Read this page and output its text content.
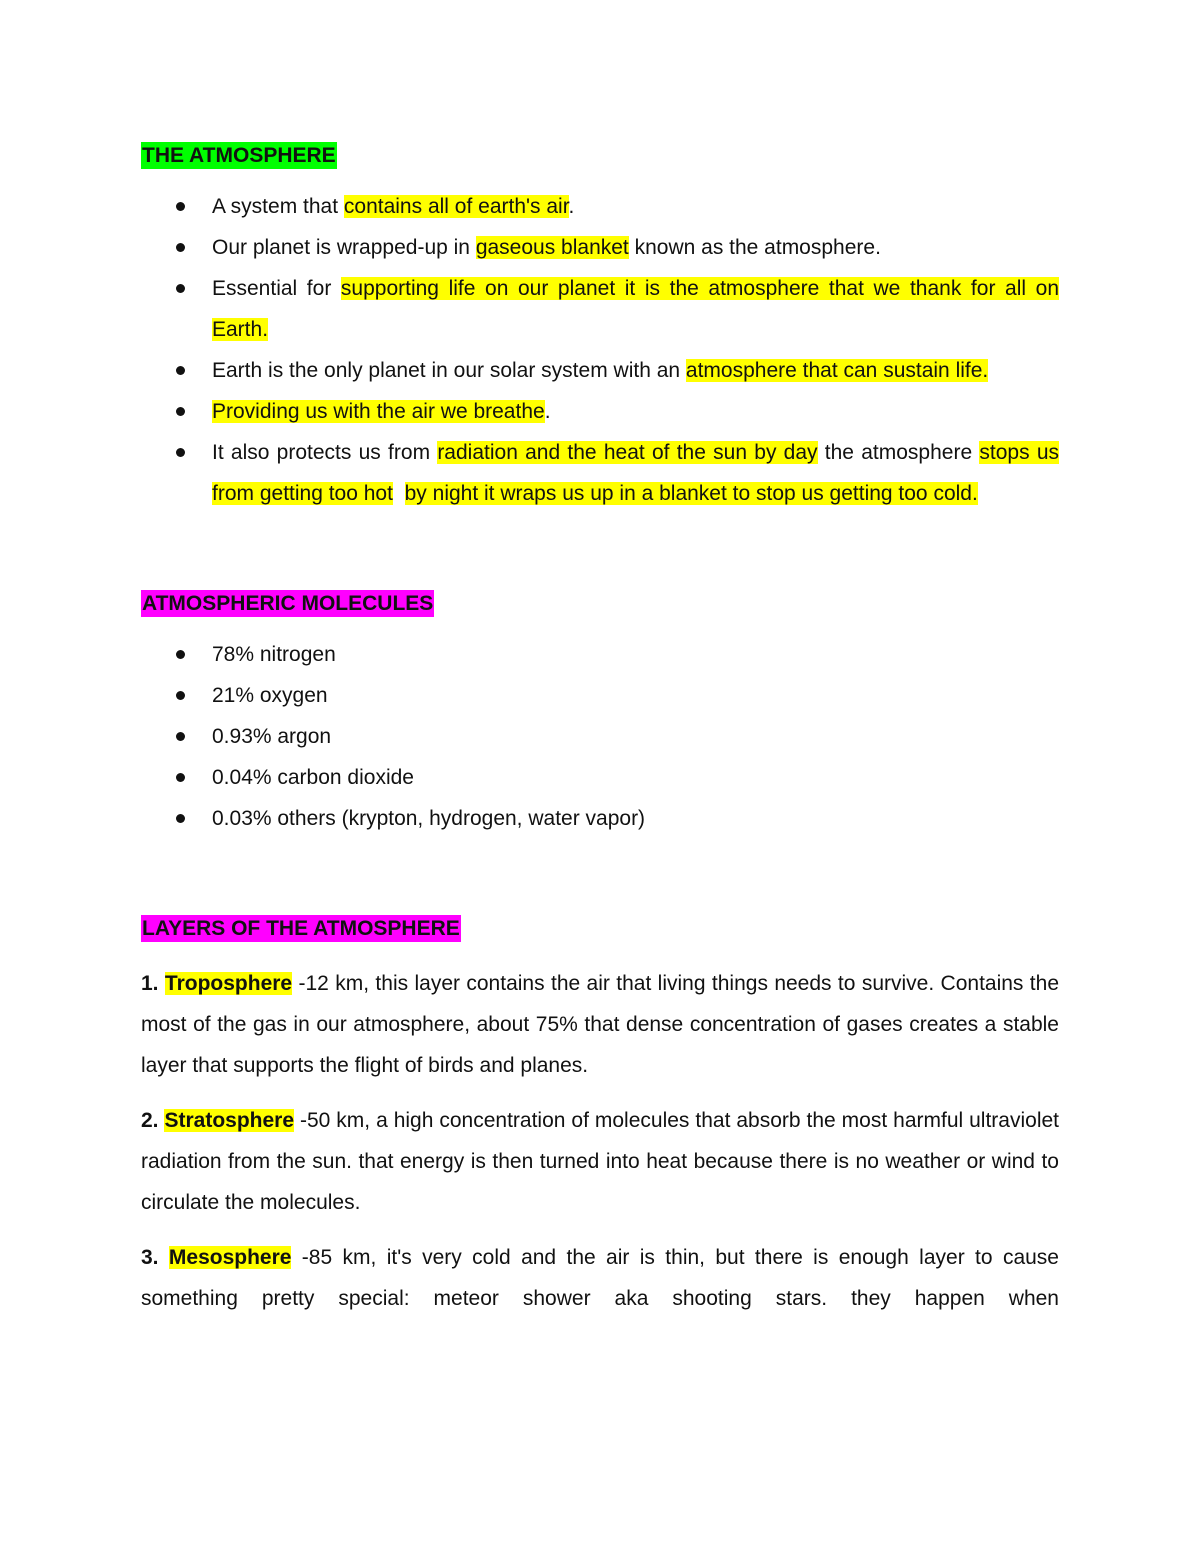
THE ATMOSPHERE

A system that contains all of earth's air.
Our planet is wrapped-up in gaseous blanket known as the atmosphere.
Essential for supporting life on our planet it is the atmosphere that we thank for all on Earth.
Earth is the only planet in our solar system with an atmosphere that can sustain life.
Providing us with the air we breathe.
It also protects us from radiation and the heat of the sun by day the atmosphere stops us from getting too hot by night it wraps us up in a blanket to stop us getting too cold.

ATMOSPHERIC MOLECULES

78% nitrogen
21% oxygen
0.93% argon
0.04% carbon dioxide
0.03% others (krypton, hydrogen, water vapor)

LAYERS OF THE ATMOSPHERE

1. Troposphere -12 km, this layer contains the air that living things needs to survive. Contains the most of the gas in our atmosphere, about 75% that dense concentration of gases creates a stable layer that supports the flight of birds and planes.

2. Stratosphere -50 km, a high concentration of molecules that absorb the most harmful ultraviolet radiation from the sun. that energy is then turned into heat because there is no weather or wind to circulate the molecules.

3. Mesosphere -85 km, it's very cold and the air is thin, but there is enough layer to cause something pretty special: meteor shower aka shooting stars. they happen when
